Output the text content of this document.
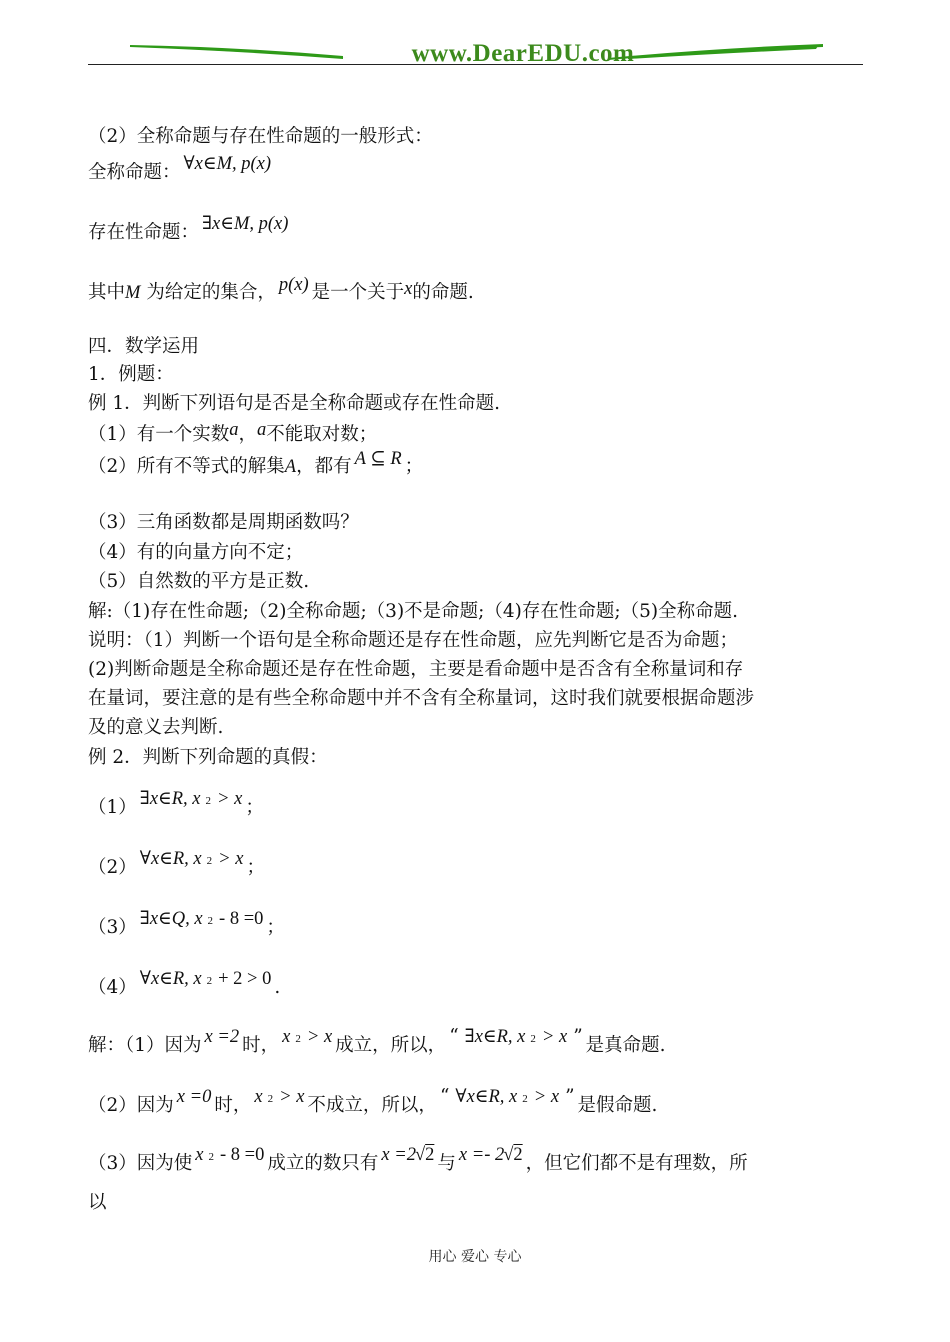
www.DearEDU.com
（2）全称命题与存在性命题的一般形式：
全称命题： ∀x∈M, p(x)
存在性命题： ∃x∈M, p(x)
其中M 为给定的集合， p(x) 是一个关于x的命题.
四．数学运用
1．例题：
例 1．判断下列语句是否是全称命题或存在性命题.
（1）有一个实数a，a不能取对数；
（2）所有不等式的解集A，都有 A ⊆ R ；
（3）三角函数都是周期函数吗？
（4）有的向量方向不定；
（5）自然数的平方是正数.
解:（1)存在性命题;（2)全称命题;（3)不是命题;（4)存在性命题;（5)全称命题.
说明：（1）判断一个语句是全称命题还是存在性命题，应先判断它是否为命题；
(2)判断命题是全称命题还是存在性命题，主要是看命题中是否含有全称量词和存
在量词，要注意的是有些全称命题中并不含有全称量词，这时我们就要根据命题涉
及的意义去判断.
例 2．判断下列命题的真假：
（1） ∃x∈R, x $^2$ > x ；
（2） ∀x∈R, x $^2$ > x ；
（3） ∃x∈Q, x $^2$ - 8 =0 ；
（4） ∀x∈R, x $^2$ + 2 > 0 .
解：（1）因为 x =2 时， x $^2$ > x 成立，所以， “ ∃x∈R, x $^2$ > x ” 是真命题.
（2）因为 x =0 时， x $^2$ > x 不成立，所以， “ ∀x∈R, x $^2$ > x ” 是假命题.
（3）因为使 x $^2$ - 8 =0 成立的数只有 x =2√2 与 x =- 2√2 ，但它们都不是有理数，所
以
用心 爱心 专心
